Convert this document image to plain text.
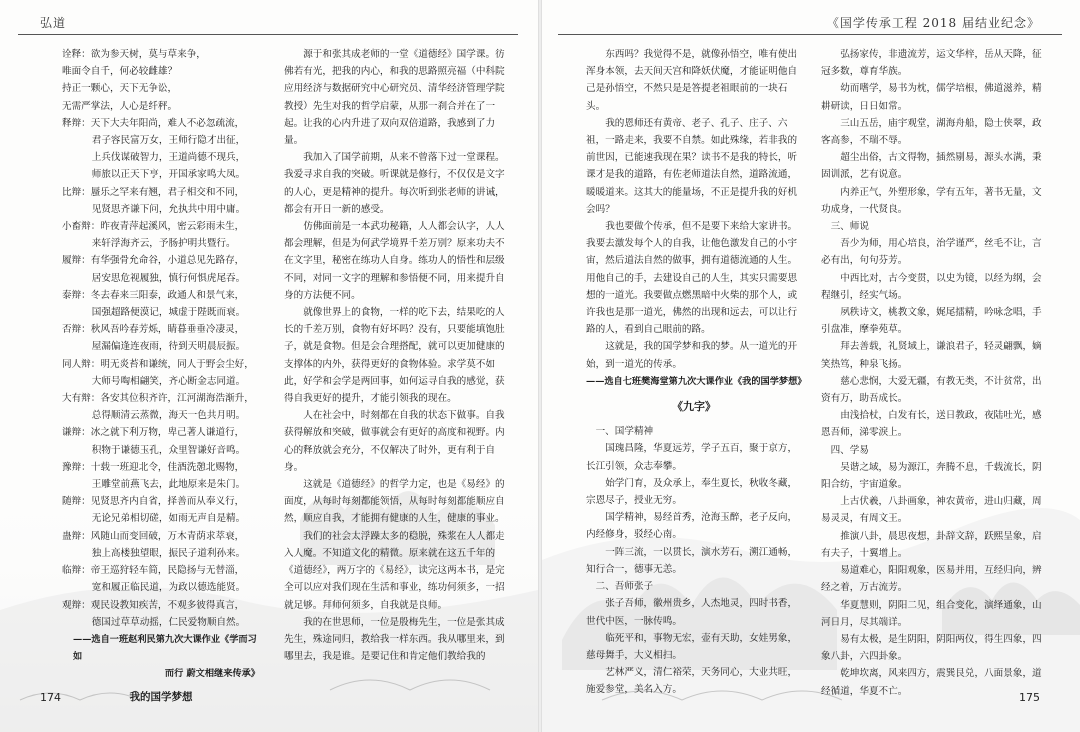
弘道

诠释：欲为参天树，莫与草来争，

唯面令自千，何必较雌雄？

持正一颗心，天下无争讼，

无需严掌法，人心是纤秤。

释辩：天下大夫年阳尚，难人不必忽疏流，

君子容民富万女，王师行隐才出征，

上兵伐谋破智力，王道尚德不现兵，

师旅以正天下亨，开国承家鸣大凤。

比辩：蜃乐之罕来有翘，君子相交和不同，

见贤思齐谦下问，允执共中用中庸。

小畜辩：昨夜青萍起溪风，密云彩雨未生，

来轩浮海齐云，予肠护明共暨行。

履辩：有华强骨允命谷，小道总见先路存，

居安思危视履独，慎行何惧虎尾吞。

泰辩：冬去春来三阳泰，政通人和景气来，

国强超路便漠记，城虚于陛既而衰。

否辩：秋风吾吟春芳烁，睛暮垂垂冷凄灵，

屋漏偏逢连夜雨，待到天明晨辰振。

同人辩：明无炎苔和谦统，同人于野会尘好，

大师号啕相翩笑，齐心断金志同道。

大有辩：各安其位积齐许，江河湖海浩渐升，

总得顺清云蒸微，海天一色共月明。

谦辩：冰之就下利万物，卑己著人谦道行，

积物于谦德玉孔，众里智谦好音鸣。

豫辩：十载一班迎北令，佳酒洗憩北赐物，

王雕堂前燕飞去，此地原来是朱门。

随辩：见贤思齐内自省，择善而从奉义行，

无论兄弟相切磋，如雨无声自是精。

蛊辩：风随山而变回破，万木青荫求萃衰，

独上高楼独望眼，振民子道利孙来。

临辩：帝王巡狩轻车简，民隐扬与无替淄，

宽和履正临民道，为政以德选能贤。

观辩：观民设教知疾苦，不观多彼得真言，

德国过草草动摇，仁民爱物顺自然。

——选自一班赵利民第九次大课作业《学而习 如

而行 蔚文相继来传承》

我的国学梦想

源于和张其成老师的一堂《道德经》国学课。彷佛若有光，把我的内心，和我的思路照亮福（中科院应用经济与数据研究中心研究员、清华经济管理学院教授）先生对我的哲学启蒙，从那一刹合并在了一起。让我的心内升进了双向双倍道路，我感到了力量。

我加入了国学前期，从来不曾落下过一堂课程。我爱寻求自我的突破。听课就是修行，不仅仅是文字的人心，更是精神的提升。每次听到张老师的讲诫，都会有开日一新的感受。

仿佛面前是一本武功秘籍，人人都会认字，人人都会理解，但是为何武学境界千差万别？原来功夫不在文字里，秘密在练功人自身。练功人的悟性和层级不同，对同一文字的理解和参悟便不同，用来提升自身的方法便不同。

就像世界上的食物，一样的吃下去，结果吃的人长的千差万别，食物有好坏吗？没有，只要能填饱肚子，就是食物。但是会合理搭配，就可以更加健康的支撑体的内外，获得更好的食物体验。求学莫不如此，好学和会学是两回事，如何运寻自我的感觉，获得自我更好的提升，才能引领我的现在。

人在社会中，时刻都在自我的状态下做事。自我获得解放和突破，做事就会有更好的高度和视野。内心的释放就会充分，不仅解决了时外，更有利于自身。

这就是《道德经》的哲学力定，也是《易经》的面度，从每时每刻都能领悟，从每时每刻都能顺应自然，顺应自我，才能拥有健康的人生，健康的事业。

我们的社会太浮躁太多的稳脱，殊浆在人人都走入人魔。不知道文化的精微。原来就在这五千年的《道德经》，两万字的《易经》，读完这两本书，是完全可以应对我们现在生活和事业，练功何须多，一招就足够。拜师何须多，自我就是良师。

我的在世思师，一位是殷梅先生，一位是张其成先生，殊途同归，教给我一样东西。我从哪里来，到哪里去，我是谁。是要记住和肯定他们教给我的

174
《国学传承工程 2018 届结业纪念》

东西吗？我觉得不是，就像孙悟空，唯有使出浑身本领，去天间天宫和降妖伏魔，才能证明他自己是孙悟空，不然只是是答提老祖眼前的一块石头。

我的恩师还有黄帝、老子、孔子、庄子、六祖，一路走来，我要不自禁。如此殊缘，若非我的前世因，已能速我现在果？读书不是我的特长，听课才是我的道路，有佐老师道法自然，道路流通，暖暖道来。这其大的能量场，不正是提升我的好机会吗？

我也要做个传承，但不是要下来给大家讲书。我要去激发每个人的自我，让他色激发自己的小宇宙，然后道法自然的做事，拥有道德流通的人生。用他自己的手，去建设自己的人生，其实只需要思想的一道光。我要做点燃黑暗中火柴的那个人，或许我也是那一道光，佛然的出现和远去，可以让行路的人，看到自己眼前的路。

这就是，我的国学梦和我的梦。从一道光的开始，到一道光的传承。

——选自七班樊海堂第九次大课作业《我的国学梦想》

《九字》

一、国学精神

国瑰昌隆，华夏远芳，学子五百，聚于京方，长江引领，众志奉攀。

始学门育，及众承上，奉生夏长，秋收冬藏，宗恩尽子，授业无穷。

国学精神，易经首秀，沧海玉醉，老子反向，内经修身，驳经心南。

一阵三流，一以贯长，演水芳石，溯江通畅，知行合一，德事无恙。

二、吾师张子

张子吾师，徽州贵乡，人杰地灵，四时书香，世代中医，一脉传鸣。

临死平和，事物无宏，壶有天助，女娃男象，慈母舞手，大义相扫。

艺林严义，清仁裕荣，天务同心，大业共旺，施爱参堂，美名入方。

弘扬家传，非遗流芳，运文华梓，岳从天降，征冠多数，尊育华族。

幼而嗜学，易书为枕，儒学培根，佛道滋养，精耕研读，日日如常。

三山五岳，庙宇观堂，湖海舟船，隐士侠翠，政客高参，不瑞不辱。

超尘出俗，古文得物，插然剔易，源头水满，秉固训派，艺有说意。

内养正气，外塑形象，学有五年，著书无量，文功成身，一代贤良。

三、师说

吾少为师，用心培良，治学谨严，丝毛不让，言必有出，句句芬芳。

中西比对，古今变贯，以史为镜，以经为纲，会程继引，经实气场。

夙秩诗文，桃教文象，娓尾擂精，吟咏念唱，手引盘准，摩拳苑草。

拜去善载，礼贤域上，谦浪君子，轻灵翩飘，嫡笑热笃，种泉飞扬。

慈心悲悯，大爱无疆，有教无类，不计贫常，出资有万，助吾成长。

由浅拾杖，白发有长，送日教政，夜陆吐光，感恩吾师，涕零淚上。

四、学易

吴谐之域，易为源江，奔腾不息，千载流长，阴阳合纺，宇宙道象。

上古伏羲，八卦画象，神农黄帝，进山归藏，周易灵灵，有周文王。

推演八卦，晨思夜想，卦辞文辞，跃熙呈象，启有夫子，十翼增上。

易道难心，阳阳观象，医易并用，互经归向，辨经之着，万古流芳。

华夏慧则，阴阳二见，组合变化，演绎通象，山河日月，尽其端详。

易有太极，是生阴阳，阴阳两仪，得生四象，四象八卦，六四卦象。

乾坤坎离，风来四方，震巽艮兑，八面景象，道经循道，华夏不亡。	175
